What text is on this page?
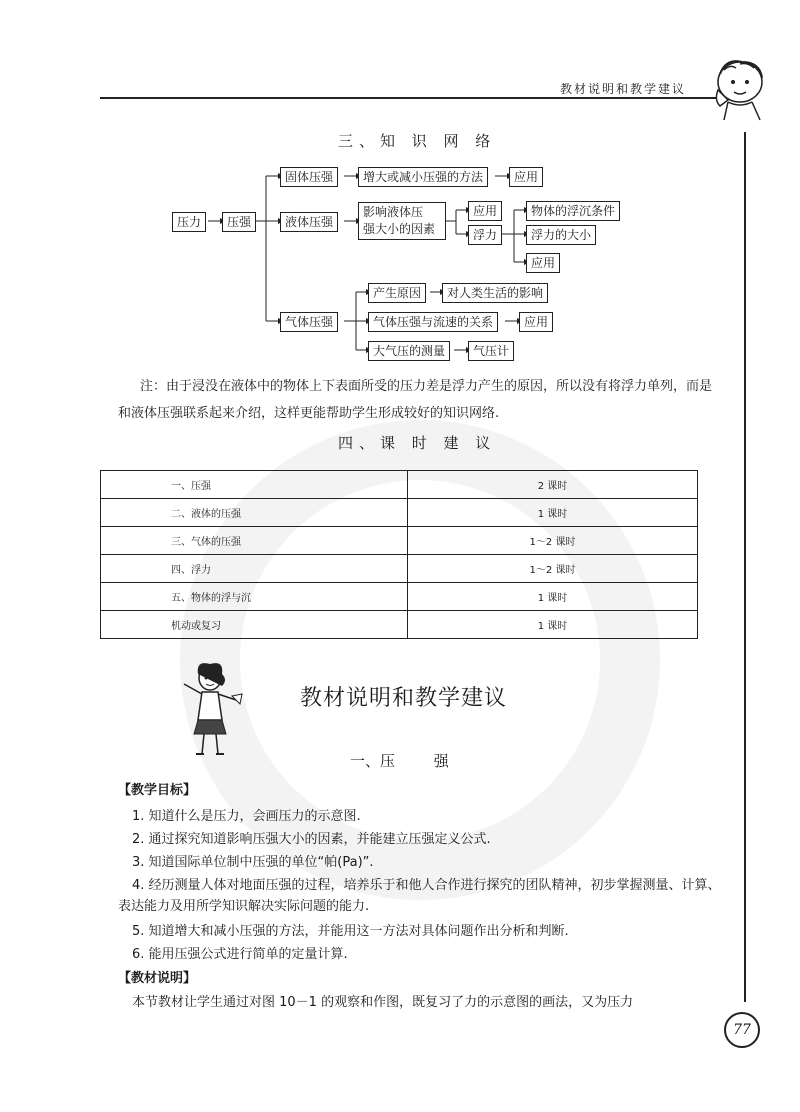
教材说明和教学建议
三、知 识 网 络
压力	压强
固体压强	增大或减小压强的方法	应用
液体压强
影响液体压
强大小的因素
应用
浮力
物体的浮沉条件
浮力的大小
应用
气体压强
产生原因	对人类生活的影响
气体压强与流速的关系	应用
大气压的测量	气压计
注：由于浸没在液体中的物体上下表面所受的压力差是浮力产生的原因，所以没有将浮力单列，而是和液体压强联系起来介绍，这样更能帮助学生形成较好的知识网络.
四、课 时 建 议
一、压强	2 课时
二、液体的压强	1 课时
三、气体的压强	1～2 课时
四、浮力	1～2 课时
五、物体的浮与沉	1 课时
机动或复习	1 课时
教材说明和教学建议
一、压	强
【教学目标】
1. 知道什么是压力，会画压力的示意图.
2. 通过探究知道影响压强大小的因素，并能建立压强定义公式.
3. 知道国际单位制中压强的单位“帕(Pa)”.
4. 经历测量人体对地面压强的过程，培养乐于和他人合作进行探究的团队精神，初步掌握测量、计算、表达能力及用所学知识解决实际问题的能力.
5. 知道增大和减小压强的方法，并能用这一方法对具体问题作出分析和判断.
6. 能用压强公式进行简单的定量计算.
【教材说明】
本节教材让学生通过对图 10－1 的观察和作图，既复习了力的示意图的画法，又为压力
77
